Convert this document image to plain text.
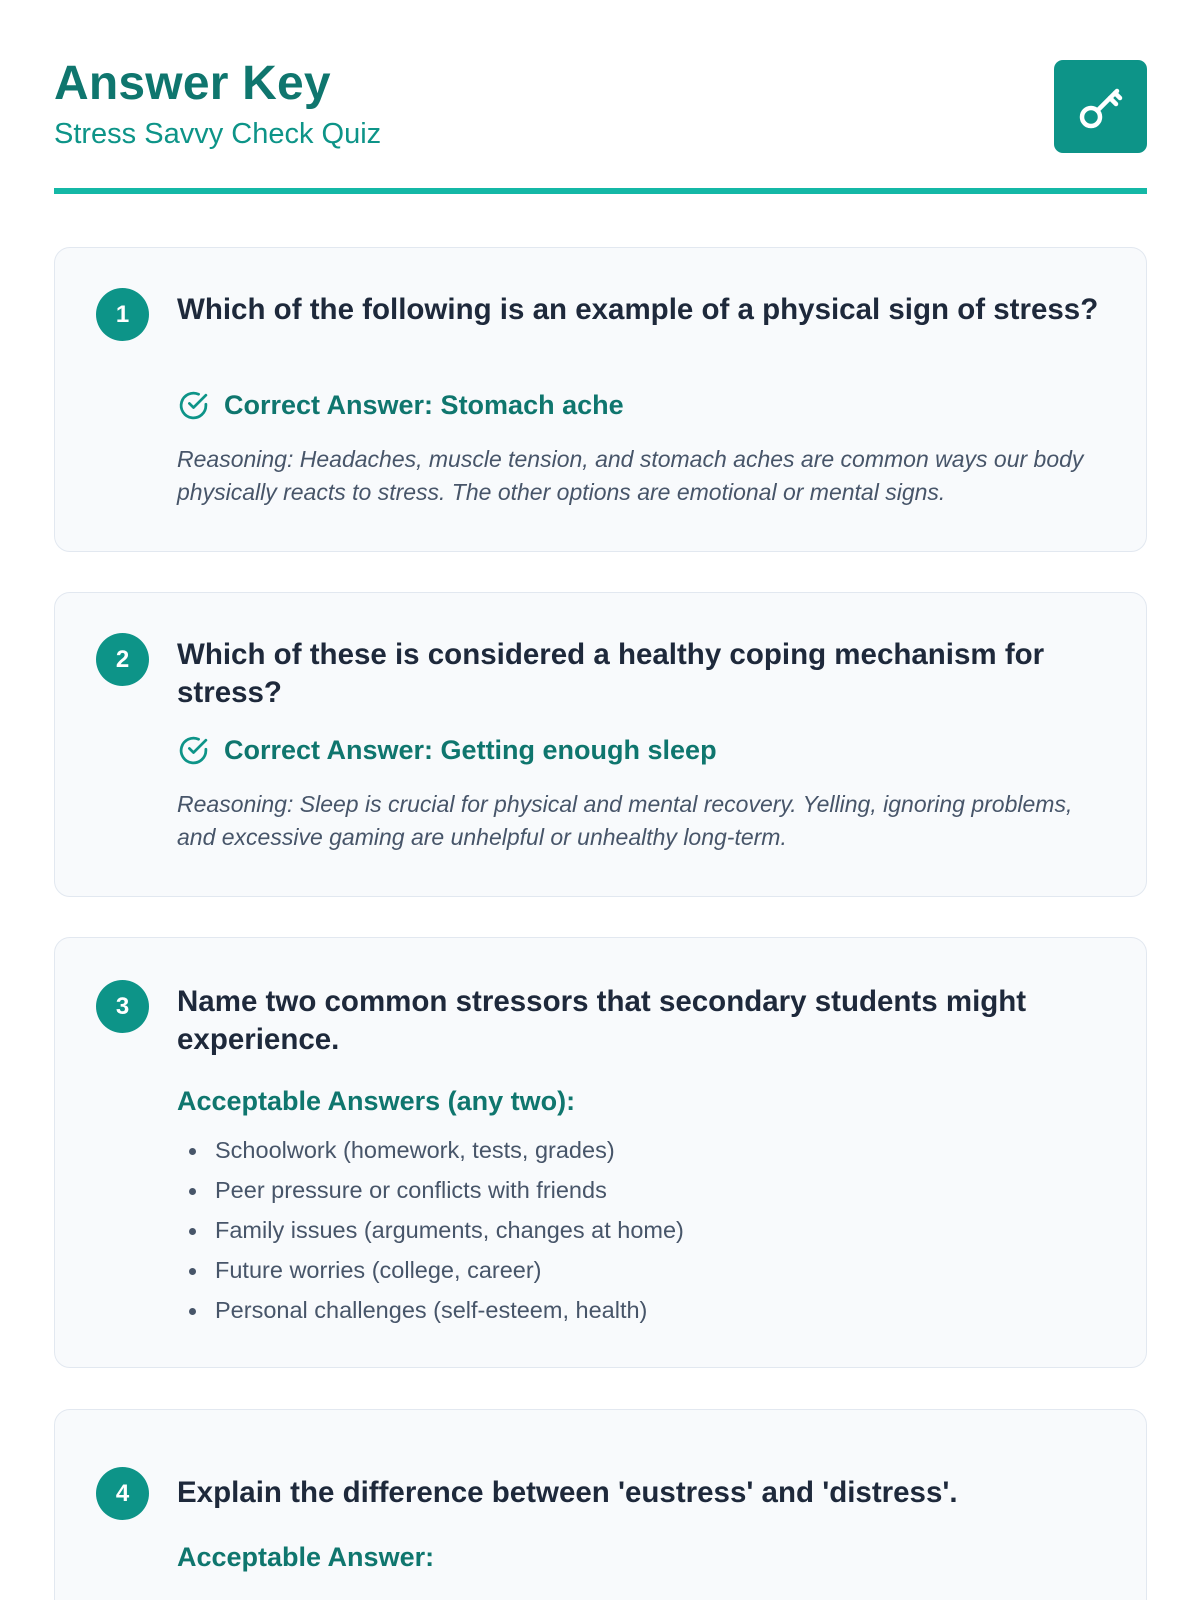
Answer Key
Stress Savvy Check Quiz
1	Which of the following is an example of a physical sign of stress?
Correct Answer: Stomach ache
Reasoning: Headaches, muscle tension, and stomach aches are common ways our body physically reacts to stress. The other options are emotional or mental signs.
2	Which of these is considered a healthy coping mechanism for stress?
Correct Answer: Getting enough sleep
Reasoning: Sleep is crucial for physical and mental recovery. Yelling, ignoring problems, and excessive gaming are unhelpful or unhealthy long-term.
3	Name two common stressors that secondary students might experience.
Acceptable Answers (any two):
Schoolwork (homework, tests, grades)
Peer pressure or conflicts with friends
Family issues (arguments, changes at home)
Future worries (college, career)
Personal challenges (self-esteem, health)
4	Explain the difference between 'eustress' and 'distress'.
Acceptable Answer:
